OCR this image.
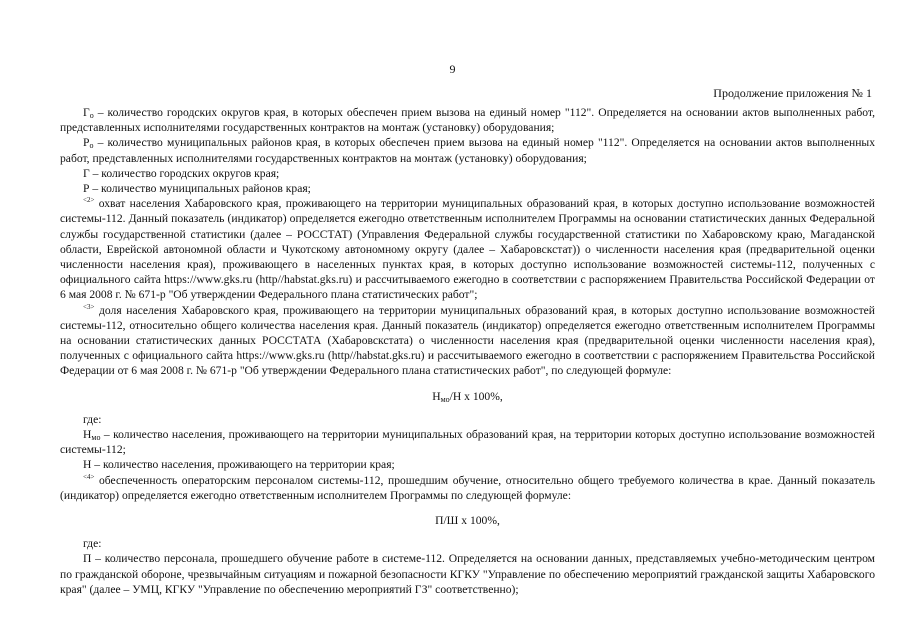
9
Продолжение приложения № 1

$Г_о$ – количество городских округов края, в которых обеспечен прием вызова на единый номер "112". Определяется на основании актов выполненных работ, представленных исполнителями государственных контрактов на монтаж (установку) оборудования;

$Р_о$ – количество муниципальных районов края, в которых обеспечен прием вызова на единый номер "112". Определяется на основании актов выполненных работ, представленных исполнителями государственных контрактов на монтаж (установку) оборудования;

Г – количество городских округов края;

Р – количество муниципальных районов края;

$^{<2>}$ охват населения Хабаровского края, проживающего на территории муниципальных образований края, в которых доступно использование возможностей системы-112. Данный показатель (индикатор) определяется ежегодно ответственным исполнителем Программы на основании статистических данных Федеральной службы государственной статистики (далее – РОССТАТ) (Управления Федеральной службы государственной статистики по Хабаровскому краю, Магаданской области, Еврейской автономной области и Чукотскому автономному округу (далее – Хабаровскстат)) о численности населения края (предварительной оценки численности населения края), проживающего в населенных пунктах края, в которых доступно использование возможностей системы-112, полученных с официального сайта https://www.gks.ru (http//habstat.gks.ru) и рассчитываемого ежегодно в соответствии с распоряжением Правительства Российской Федерации от 6 мая 2008 г. № 671-р "Об утверждении Федерального плана статистических работ";

$^{<3>}$ доля населения Хабаровского края, проживающего на территории муниципальных образований края, в которых доступно использование возможностей системы-112, относительно общего количества населения края. Данный показатель (индикатор) определяется ежегодно ответственным исполнителем Программы на основании статистических данных РОССТАТА (Хабаровскстата) о численности населения края (предварительной оценки численности населения края), полученных с официального сайта https://www.gks.ru (http//habstat.gks.ru) и рассчитываемого ежегодно в соответствии с распоряжением Правительства Российской Федерации от 6 мая 2008 г. № 671-р "Об утверждении Федерального плана статистических работ", по следующей формуле:

$Н_{мо}/Н$ х 100%,

где:

$Н_{мо}$ – количество населения, проживающего на территории муниципальных образований края, на территории которых доступно использование возможностей системы-112;

Н – количество населения, проживающего на территории края;

$^{<4>}$ обеспеченность операторским персоналом системы-112, прошедшим обучение, относительно общего требуемого количества в крае. Данный показатель (индикатор) определяется ежегодно ответственным исполнителем Программы по следующей формуле:

П/Ш х 100%,

где:

П – количество персонала, прошедшего обучение работе в системе-112. Определяется на основании данных, представляемых учебно-методическим центром по гражданской обороне, чрезвычайным ситуациям и пожарной безопасности КГКУ "Управление по обеспечению мероприятий гражданской защиты Хабаровского края" (далее – УМЦ, КГКУ "Управление по обеспечению мероприятий ГЗ" соответственно);
